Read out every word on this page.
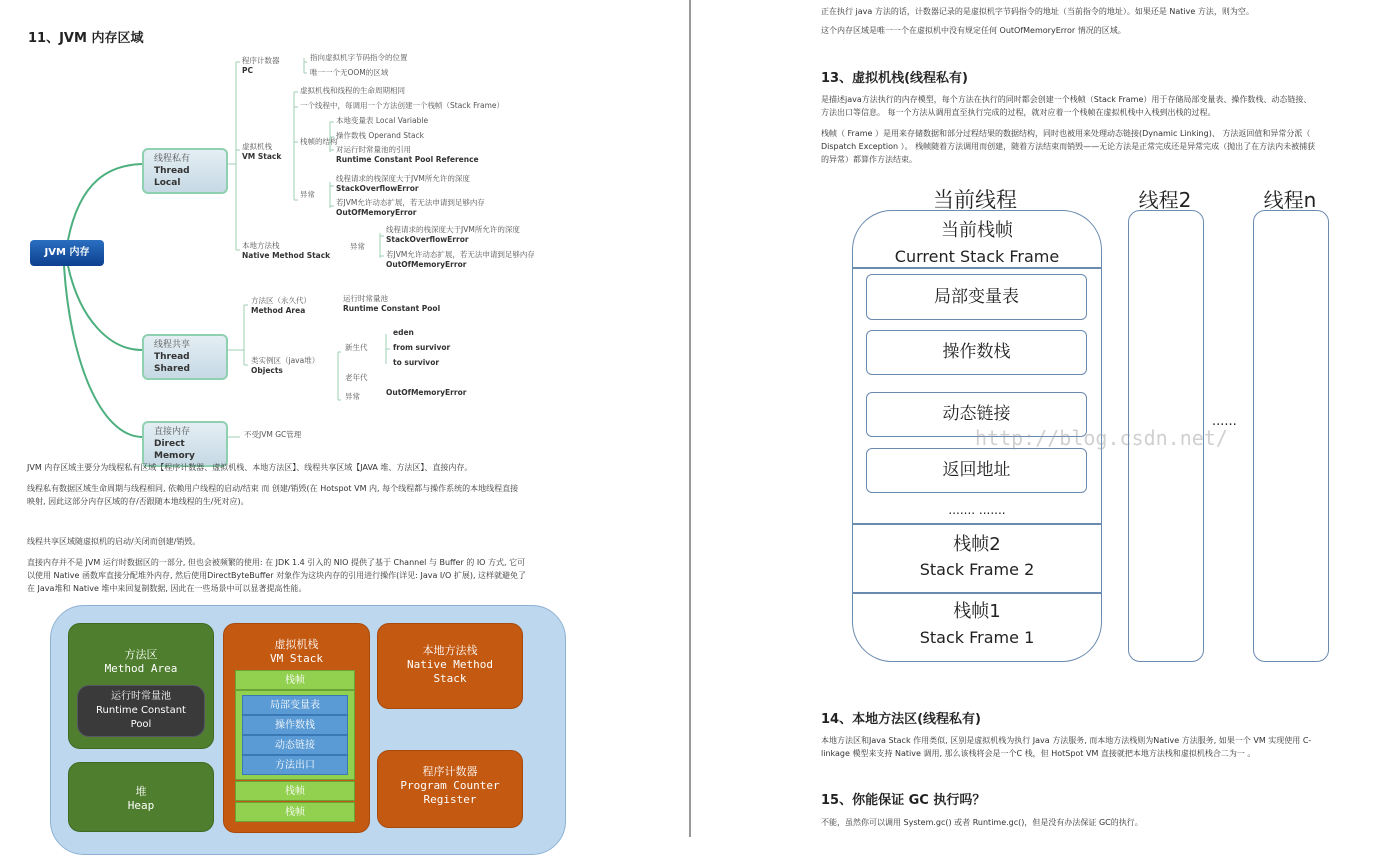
11、JVM 内存区域
JVM 内存
线程私有
Thread Local
线程共享
Thread Shared
直接内存
Direct Memory
程序计数器
PC
指向虚拟机字节码指令的位置
唯一一个无OOM的区域
虚拟机栈
VM Stack
虚拟机栈和线程的生命周期相同
一个线程中，每调用一个方法创建一个栈帧（Stack Frame）
栈帧的结构
本地变量表 Local Variable
操作数栈 Operand Stack
对运行时常量池的引用
Runtime Constant Pool Reference
异常
线程请求的栈深度大于JVM所允许的深度
StackOverflowError
若JVM允许动态扩展，若无法申请到足够内存
OutOfMemoryError
本地方法栈
Native Method Stack
异常
线程请求的栈深度大于JVM所允许的深度
StackOverflowError
若JVM允许动态扩展，若无法申请到足够内存
OutOfMemoryError
方法区（永久代）
Method Area
运行时常量池
Runtime Constant Pool
类实例区（java堆）
Objects
新生代
eden
from survivor
to survivor
老年代
异常	OutOfMemoryError
不受JVM GC管理
JVM 内存区域主要分为线程私有区域【程序计数器、虚拟机栈、本地方法区】、线程共享区域【JAVA 堆、方法区】、直接内存。
线程私有数据区域生命周期与线程相同, 依赖用户线程的启动/结束 而 创建/销毁(在 Hotspot VM 内, 每个线程都与操作系统的本地线程直接
映射, 因此这部分内存区域的存/否跟随本地线程的生/死对应)。
线程共享区域随虚拟机的启动/关闭而创建/销毁。
直接内存并不是 JVM 运行时数据区的一部分, 但也会被频繁的使用: 在 JDK 1.4 引入的 NIO 提供了基于 Channel 与 Buffer 的 IO 方式, 它可
以使用 Native 函数库直接分配堆外内存, 然后使用DirectByteBuffer 对象作为这块内存的引用进行操作(详见: Java I/O 扩展), 这样就避免了
在 Java堆和 Native 堆中来回复制数据, 因此在一些场景中可以显著提高性能。
方法区
Method Area
运行时常量池
Runtime Constant
Pool
堆
Heap
虚拟机栈
VM Stack
栈帧
局部变量表
操作数栈
动态链接
方法出口
栈帧
栈帧
本地方法栈
Native Method
Stack
程序计数器
Program Counter
Register
正在执行 java 方法的话，计数器记录的是虚拟机字节码指令的地址（当前指令的地址）。如果还是 Native 方法，则为空。
这个内存区域是唯一一个在虚拟机中没有规定任何 OutOfMemoryError 情况的区域。
13、虚拟机栈(线程私有)
是描述java方法执行的内存模型，每个方法在执行的同时都会创建一个栈帧（Stack Frame）用于存储局部变量表、操作数栈、动态链接、
方法出口等信息。 每一个方法从调用直至执行完成的过程，就对应着一个栈帧在虚拟机栈中入栈到出栈的过程。
栈帧（ Frame ）是用来存储数据和部分过程结果的数据结构，同时也被用来处理动态链接(Dynamic Linking)、 方法返回值和异常分派（
Dispatch Exception ）。 栈帧随着方法调用而创建，随着方法结束而销毁——无论方法是正常完成还是异常完成（抛出了在方法内未被捕获
的异常）都算作方法结束。
当前线程	线程2	线程n
当前栈帧
Current Stack Frame
局部变量表
操作数栈
动态链接
返回地址
....... .......
栈帧2
Stack Frame 2
栈帧1
Stack Frame 1
......
http://blog.csdn.net/
14、本地方法区(线程私有)
本地方法区和Java Stack 作用类似, 区别是虚拟机栈为执行 Java 方法服务, 而本地方法栈则为Native 方法服务, 如果一个 VM 实现使用 C-
linkage 模型来支持 Native 调用, 那么该栈将会是一个C 栈，但 HotSpot VM 直接就把本地方法栈和虚拟机栈合二为一 。
15、你能保证 GC 执行吗？
不能，虽然你可以调用 System.gc() 或者 Runtime.gc()，但是没有办法保证 GC的执行。
